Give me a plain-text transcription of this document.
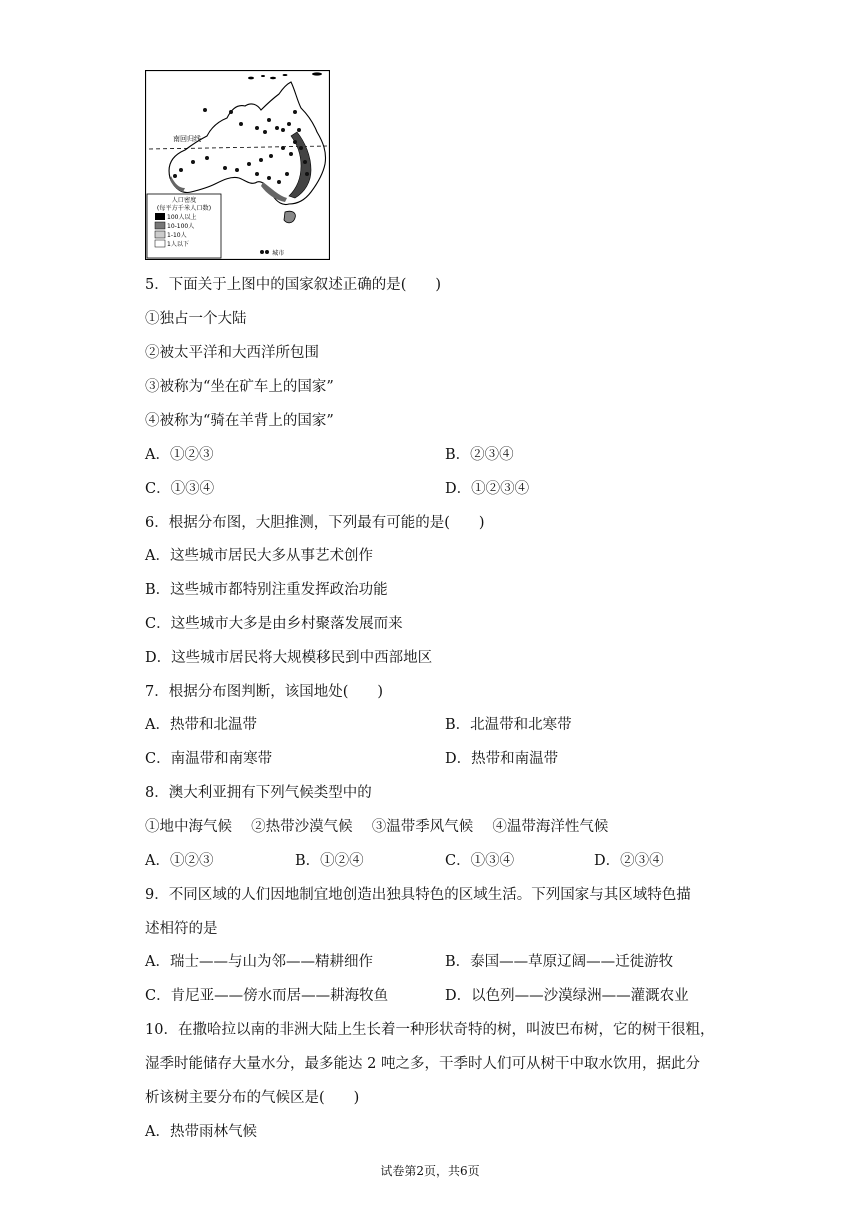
南回归线
人口密度
(每平方千米人口数)
100人以上
10-100人
1-10人
1人以下
城市
5．下面关于上图中的国家叙述正确的是(　　)
①独占一个大陆
②被太平洋和大西洋所包围
③被称为“坐在矿车上的国家”
④被称为“骑在羊背上的国家”
A．①②③	B．②③④
C．①③④	D．①②③④
6．根据分布图，大胆推测，下列最有可能的是(　　)
A．这些城市居民大多从事艺术创作
B．这些城市都特别注重发挥政治功能
C．这些城市大多是由乡村聚落发展而来
D．这些城市居民将大规模移民到中西部地区
7．根据分布图判断，该国地处(　　)
A．热带和北温带	B．北温带和北寒带
C．南温带和南寒带	D．热带和南温带
8．澳大利亚拥有下列气候类型中的
①地中海气候　 ②热带沙漠气候　 ③温带季风气候　 ④温带海洋性气候
A．①②③	B．①②④	C．①③④	D．②③④
9．不同区域的人们因地制宜地创造出独具特色的区域生活。下列国家与其区域特色描
述相符的是
A．瑞士——与山为邻——精耕细作	B．泰国——草原辽阔——迁徙游牧
C．肯尼亚——傍水而居——耕海牧鱼	D．以色列——沙漠绿洲——灌溉农业
10．在撒哈拉以南的非洲大陆上生长着一种形状奇特的树，叫波巴布树，它的树干很粗，
湿季时能储存大量水分，最多能达 2 吨之多，干季时人们可从树干中取水饮用，据此分
析该树主要分布的气候区是(　　)
A．热带雨林气候
试卷第2页，共6页
